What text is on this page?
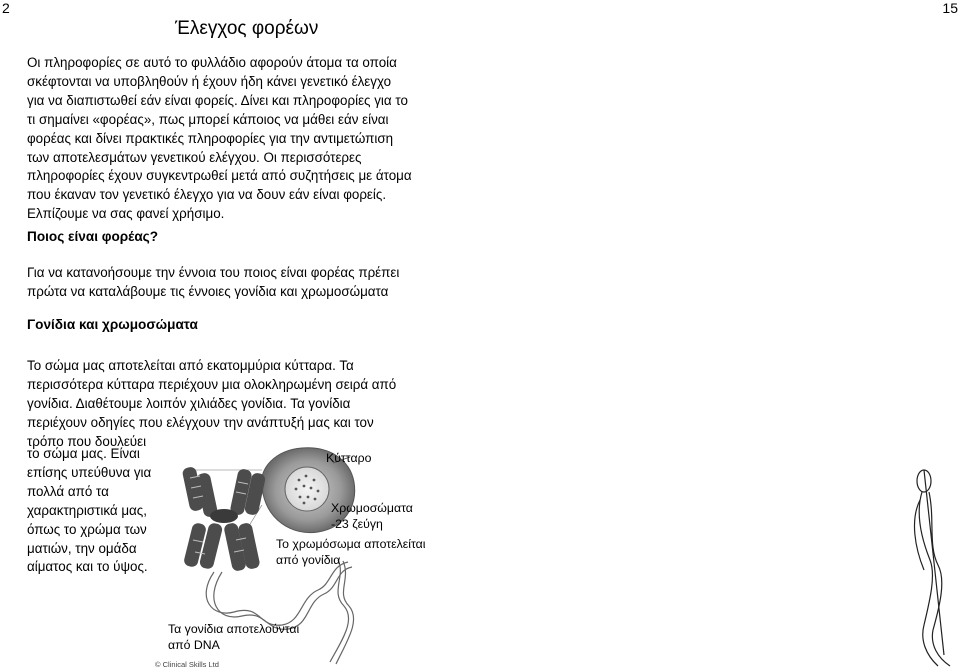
2	15
Έλεγχος φορέων
Οι πληροφορίες σε αυτό το φυλλάδιο αφορούν άτομα τα οποία
σκέφτονται να υποβληθούν ή έχουν ήδη κάνει γενετικό έλεγχο
για να διαπιστωθεί εάν είναι φορείς. Δίνει και πληροφορίες για το
τι σημαίνει «φορέας», πως μπορεί κάποιος να μάθει εάν είναι
φορέας και δίνει πρακτικές πληροφορίες για την αντιμετώπιση
των αποτελεσμάτων γενετικού ελέγχου. Οι περισσότερες
πληροφορίες έχουν συγκεντρωθεί μετά από συζητήσεις με άτομα
που έκαναν τον γενετικό έλεγχο για να δουν εάν είναι φορείς.
Ελπίζουμε να σας φανεί χρήσιμο.
Ποιος είναι φορέας?
Για να κατανοήσουμε την έννοια του ποιος είναι φορέας πρέπει
πρώτα να καταλάβουμε τις έννοιες γονίδια και χρωμοσώματα
Γονίδια και χρωμοσώματα
Το σώμα μας αποτελείται από εκατομμύρια κύτταρα. Τα
περισσότερα κύτταρα περιέχουν μια ολοκληρωμένη σειρά από
γονίδια. Διαθέτουμε λοιπόν χιλιάδες γονίδια. Τα γονίδια
περιέχουν οδηγίες που ελέγχουν την ανάπτυξή μας και τον
τρόπο που δουλεύει
το σώμα μας. Είναι
επίσης υπεύθυνα για
πολλά από τα
χαρακτηριστικά μας,
όπως το χρώμα των
ματιών, την ομάδα
αίματος και το ύψος.
Κύτταρο
Χρωμοσώματα
-23 ζεύγη
Το χρωμόσωμα αποτελείται
από γονίδια
Τα γονίδια αποτελούνται
από DNA
© Clinical Skills Ltd
